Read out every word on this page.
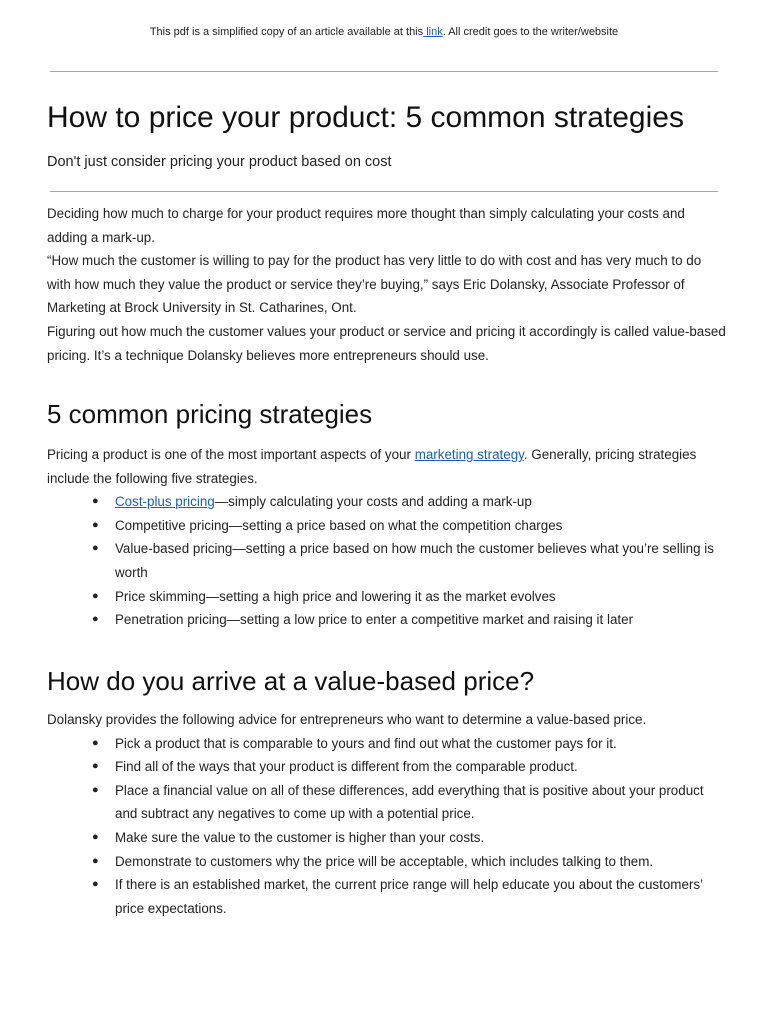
This pdf is a simplified copy of an article available at this link. All credit goes to the writer/website
How to price your product: 5 common strategies

Don't just consider pricing your product based on cost

Deciding how much to charge for your product requires more thought than simply calculating your costs and adding a mark-up.

“How much the customer is willing to pay for the product has very little to do with cost and has very much to do with how much they value the product or service they’re buying,” says Eric Dolansky, Associate Professor of Marketing at Brock University in St. Catharines, Ont.

Figuring out how much the customer values your product or service and pricing it accordingly is called value-based pricing. It’s a technique Dolansky believes more entrepreneurs should use.

5 common pricing strategies

Pricing a product is one of the most important aspects of your marketing strategy. Generally, pricing strategies include the following five strategies.

● Cost-plus pricing—simply calculating your costs and adding a mark-up
● Competitive pricing—setting a price based on what the competition charges
● Value-based pricing—setting a price based on how much the customer believes what you’re selling is worth
● Price skimming—setting a high price and lowering it as the market evolves
● Penetration pricing—setting a low price to enter a competitive market and raising it later
How do you arrive at a value-based price?

Dolansky provides the following advice for entrepreneurs who want to determine a value-based price.

● Pick a product that is comparable to yours and find out what the customer pays for it.
● Find all of the ways that your product is different from the comparable product.
● Place a financial value on all of these differences, add everything that is positive about your product and subtract any negatives to come up with a potential price.
● Make sure the value to the customer is higher than your costs.
● Demonstrate to customers why the price will be acceptable, which includes talking to them.
● If there is an established market, the current price range will help educate you about the customers’ price expectations.
